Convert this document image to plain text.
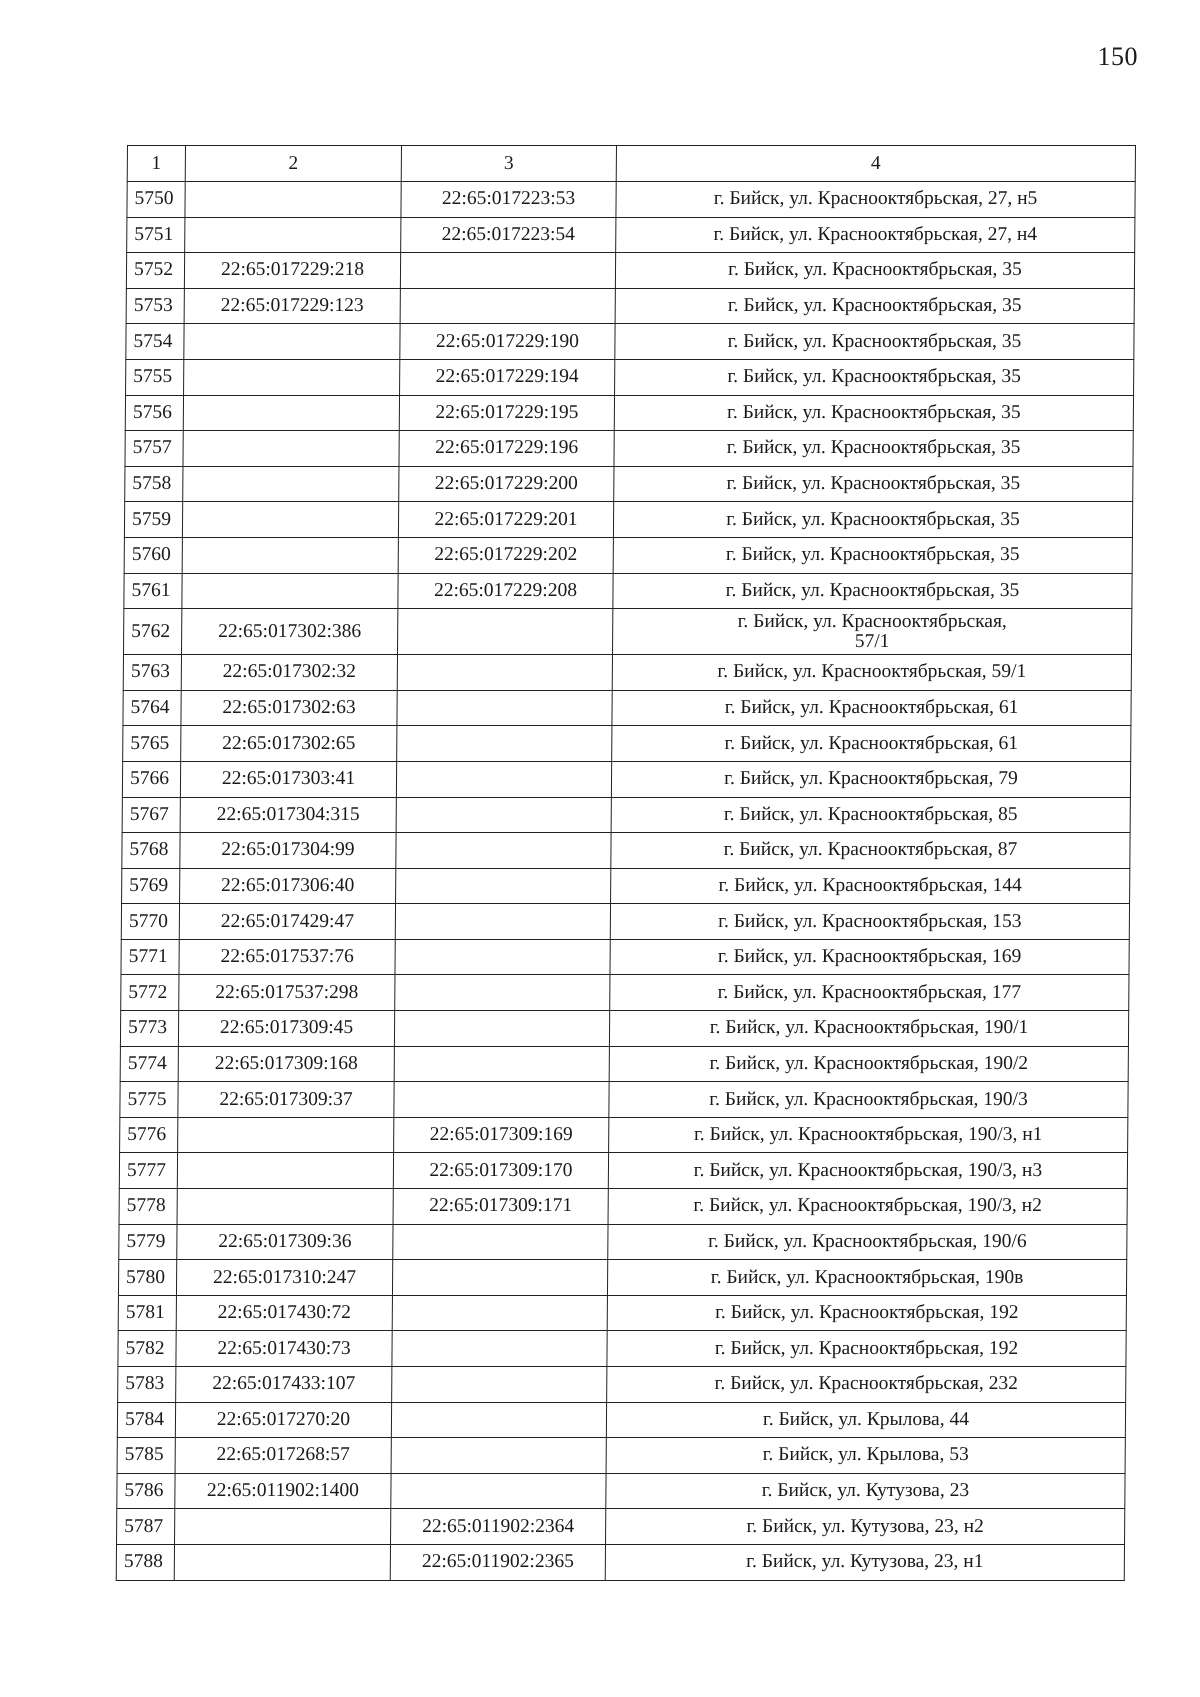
150
1	2	3	4
5750		22:65:017223:53	г. Бийск, ул. Краснооктябрьская, 27, н5
5751		22:65:017223:54	г. Бийск, ул. Краснооктябрьская, 27, н4
5752	22:65:017229:218		г. Бийск, ул. Краснооктябрьская, 35
5753	22:65:017229:123		г. Бийск, ул. Краснооктябрьская, 35
5754		22:65:017229:190	г. Бийск, ул. Краснооктябрьская, 35
5755		22:65:017229:194	г. Бийск, ул. Краснооктябрьская, 35
5756		22:65:017229:195	г. Бийск, ул. Краснооктябрьская, 35
5757		22:65:017229:196	г. Бийск, ул. Краснооктябрьская, 35
5758		22:65:017229:200	г. Бийск, ул. Краснооктябрьская, 35
5759		22:65:017229:201	г. Бийск, ул. Краснооктябрьская, 35
5760		22:65:017229:202	г. Бийск, ул. Краснооктябрьская, 35
5761		22:65:017229:208	г. Бийск, ул. Краснооктябрьская, 35
5762	22:65:017302:386		г. Бийск, ул. Краснооктябрьская,
57/1

5763	22:65:017302:32		г. Бийск, ул. Краснооктябрьская, 59/1
5764	22:65:017302:63		г. Бийск, ул. Краснооктябрьская, 61
5765	22:65:017302:65		г. Бийск, ул. Краснооктябрьская, 61
5766	22:65:017303:41		г. Бийск, ул. Краснооктябрьская, 79
5767	22:65:017304:315		г. Бийск, ул. Краснооктябрьская, 85
5768	22:65:017304:99		г. Бийск, ул. Краснооктябрьская, 87
5769	22:65:017306:40		г. Бийск, ул. Краснооктябрьская, 144
5770	22:65:017429:47		г. Бийск, ул. Краснооктябрьская, 153
5771	22:65:017537:76		г. Бийск, ул. Краснооктябрьская, 169
5772	22:65:017537:298		г. Бийск, ул. Краснооктябрьская, 177
5773	22:65:017309:45		г. Бийск, ул. Краснооктябрьская, 190/1
5774	22:65:017309:168		г. Бийск, ул. Краснооктябрьская, 190/2
5775	22:65:017309:37		г. Бийск, ул. Краснооктябрьская, 190/3
5776		22:65:017309:169	г. Бийск, ул. Краснооктябрьская, 190/3, н1
5777		22:65:017309:170	г. Бийск, ул. Краснооктябрьская, 190/3, н3
5778		22:65:017309:171	г. Бийск, ул. Краснооктябрьская, 190/3, н2
5779	22:65:017309:36		г. Бийск, ул. Краснооктябрьская, 190/6
5780	22:65:017310:247		г. Бийск, ул. Краснооктябрьская, 190в
5781	22:65:017430:72		г. Бийск, ул. Краснооктябрьская, 192
5782	22:65:017430:73		г. Бийск, ул. Краснооктябрьская, 192
5783	22:65:017433:107		г. Бийск, ул. Краснооктябрьская, 232
5784	22:65:017270:20		г. Бийск, ул. Крылова, 44
5785	22:65:017268:57		г. Бийск, ул. Крылова, 53
5786	22:65:011902:1400		г. Бийск, ул. Кутузова, 23
5787		22:65:011902:2364	г. Бийск, ул. Кутузова, 23, н2
5788		22:65:011902:2365	г. Бийск, ул. Кутузова, 23, н1
